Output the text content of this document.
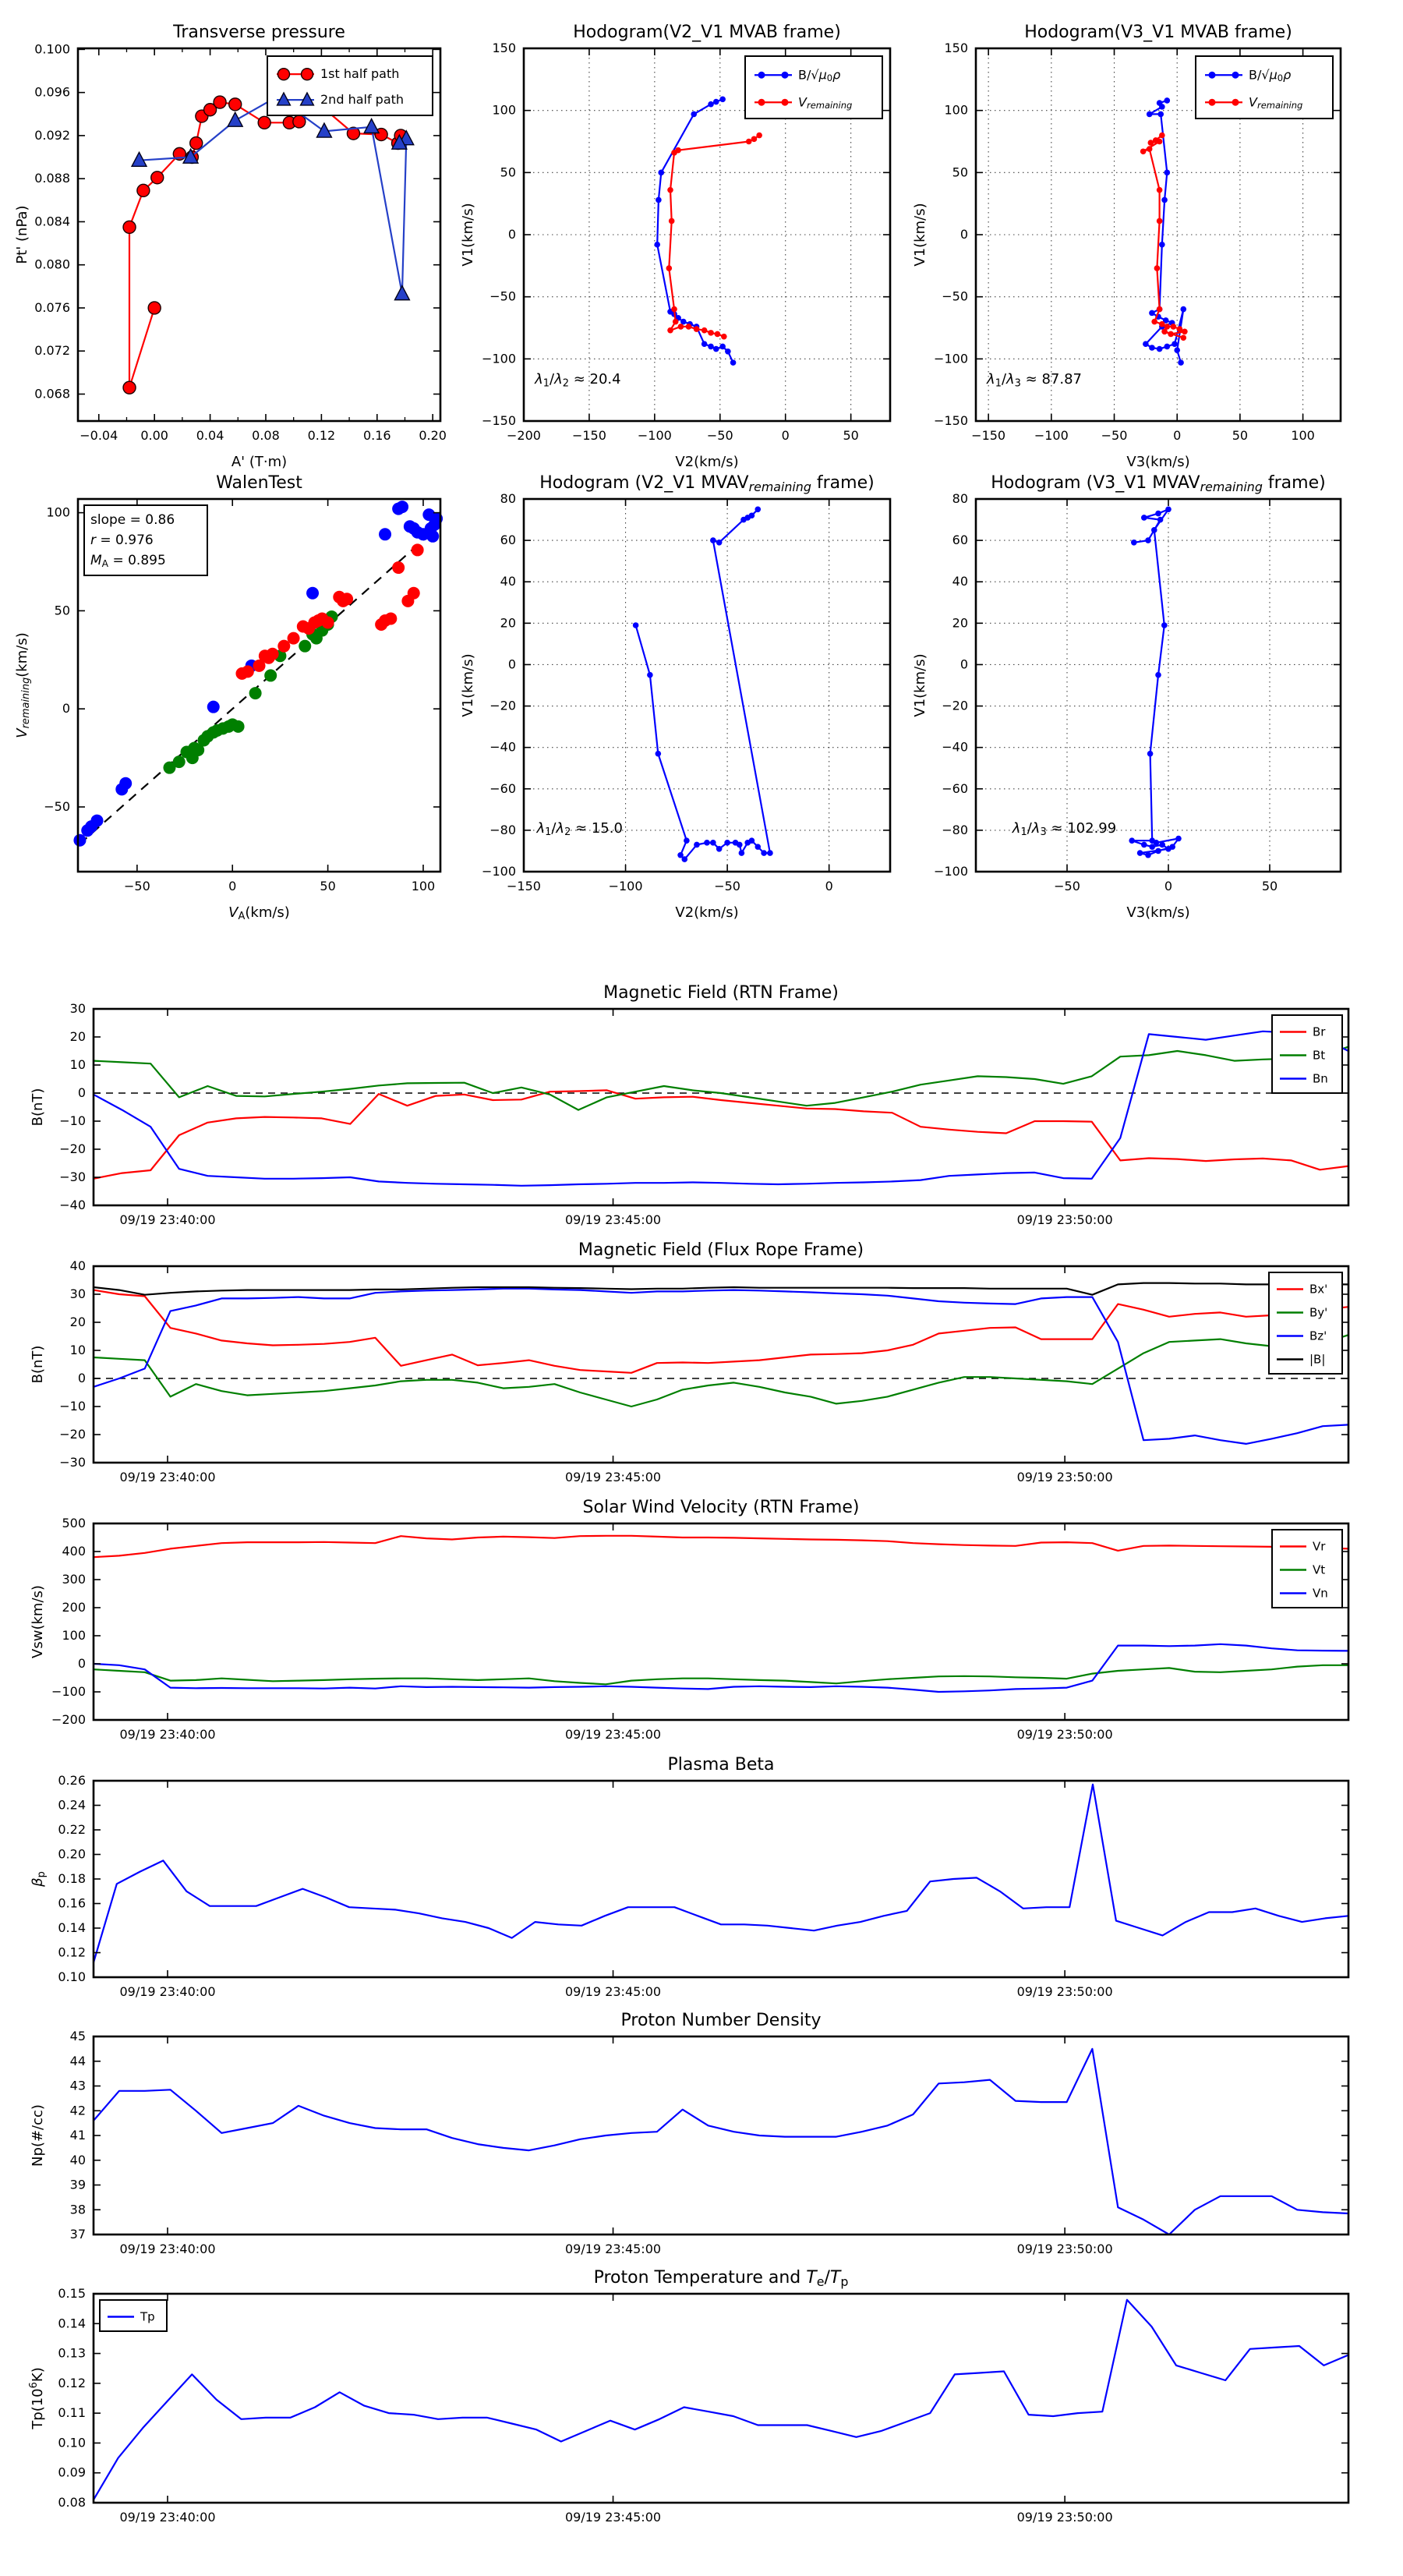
−0.04 0.00 0.04 0.08 0.12 0.16 0.20
0.068
0.072
0.076
0.080
0.084
0.088
0.092
0.096
0.100
Transverse pressure
A' (T·m)
Pt' (nPa)
1st half path
2nd half path
−200 −150 −100	−50	0	50
−150
−100
−50
0
50
100
150
Hodogram(V2_V1 MVAB frame)
V2(km/s)
V1(km/s)
B/√μ0ρ
Vremaining
λ1/λ2 ≈ 20.4
−150 −100	−50	0	50	100
−150
−100
−50
0
50
100
150
Hodogram(V3_V1 MVAB frame)
V3(km/s)
V1(km/s)
B/√μ0ρ
Vremaining
λ1/λ3 ≈ 87.87
−50	0	50	100
−50
0
50
100
WalenTest
VA(km/s)
Vremaining(km/s)
slope = 0.86
r = 0.976
MA = 0.895
−150	−100	−50	0
−100
−80
−60
−40
−20
0
20
40
60
80
Hodogram (V2_V1 MVAVremaining frame)
V2(km/s)
V1(km/s)
λ1/λ2 ≈ 15.0
−50	0	50
−100
−80
−60
−40
−20
0
20
40
60
80
Hodogram (V3_V1 MVAVremaining frame)
V3(km/s)
V1(km/s)
λ1/λ3 ≈ 102.99
09/19 23:40:00	09/19 23:45:00	09/19 23:50:00
−40
−30
−20
−10
0
10
20
30
Magnetic Field (RTN Frame)
B(nT)
Br
Bt
Bn
09/19 23:40:00	09/19 23:45:00	09/19 23:50:00
−30
−20
−10
0
10
20
30
40
Magnetic Field (Flux Rope Frame)
B(nT)
Bx'
By'
Bz'
|B|
09/19 23:40:00	09/19 23:45:00	09/19 23:50:00
−200
−100
0
100
200
300
400
500
Solar Wind Velocity (RTN Frame)
Vsw(km/s)
Vr
Vt
Vn
09/19 23:40:00	09/19 23:45:00	09/19 23:50:00
0.10
0.12
0.14
0.16
0.18
0.20
0.22
0.24
0.26
Plasma Beta
βp
09/19 23:40:00	09/19 23:45:00	09/19 23:50:00
37
38
39
40
41
42
43
44
45
Proton Number Density
Np(#/cc)
09/19 23:40:00	09/19 23:45:00	09/19 23:50:00
0.08
0.09
0.10
0.11
0.12
0.13
0.14
0.15
Proton Temperature and Te/Tp
$Tp(10^6K)$
Tp
